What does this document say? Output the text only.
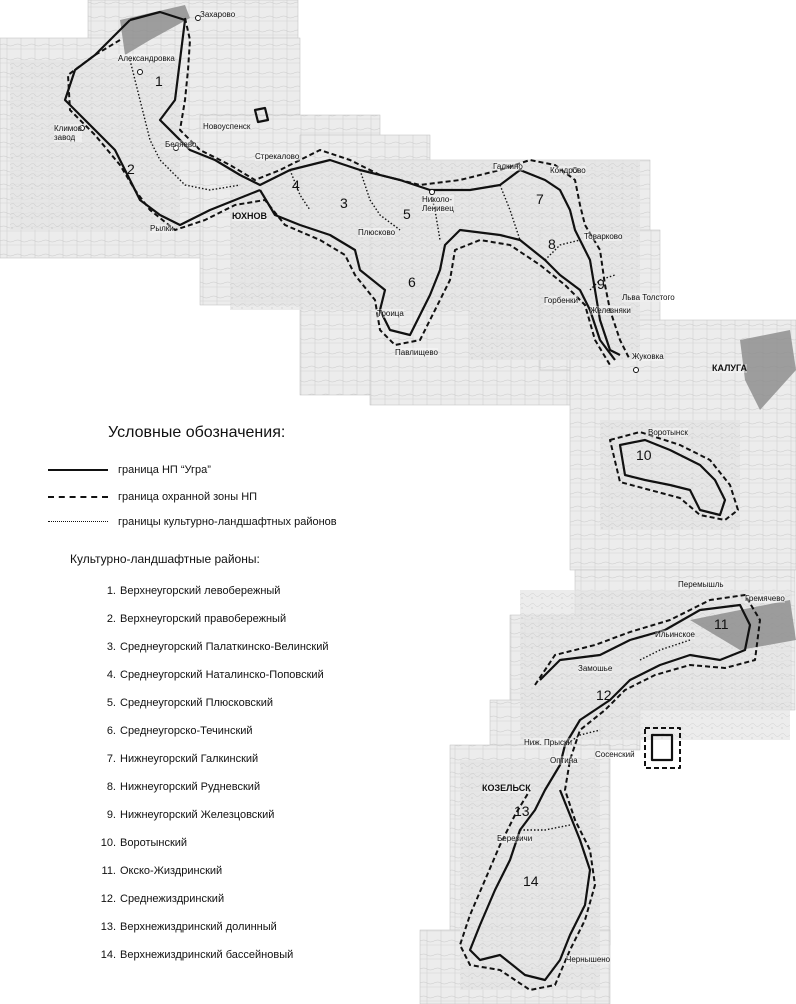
Захарово
Александровка
Климов
завод
Новоуспенск
Беляево
Стрекалово
ЮХНОВ
Рылки
Николо-
Ленивец
Плюсково
Галкино	Кондрово
Товарково
Горбенки	Льва Толстого
Железняки
Троица
Павлищево	Жуковка
КАЛУГА
Воротынск
Перемышль
Гремячево
Ильинское
Замошье
Ниж. Прыски
Оптина
Сосенский
КОЗЕЛЬСК
Березичи
Чернышено
1
2
3
4
5
6
7
8
9
10
11
12
13
14
Условные обозначения:
граница НП “Угра”
граница охранной зоны НП
границы культурно-ландшафтных районов
Культурно-ландшафтные районы:
1. Верхнеугорский левобережный
2. Верхнеугорский правобережный
3. Среднеугорский Палаткинско-Велинский
4. Среднеугорский Наталинско-Поповский
5. Среднеугорский Плюсковский
6. Среднеугорско-Течинский
7. Нижнеугорский Галкинский
8. Нижнеугорский Рудневский
9. Нижнеугорский Железцовский
10. Воротынский
11. Окско-Жиздринский
12. Среднежиздринский
13. Верхнежиздринский долинный
14. Верхнежиздринский бассейновый
